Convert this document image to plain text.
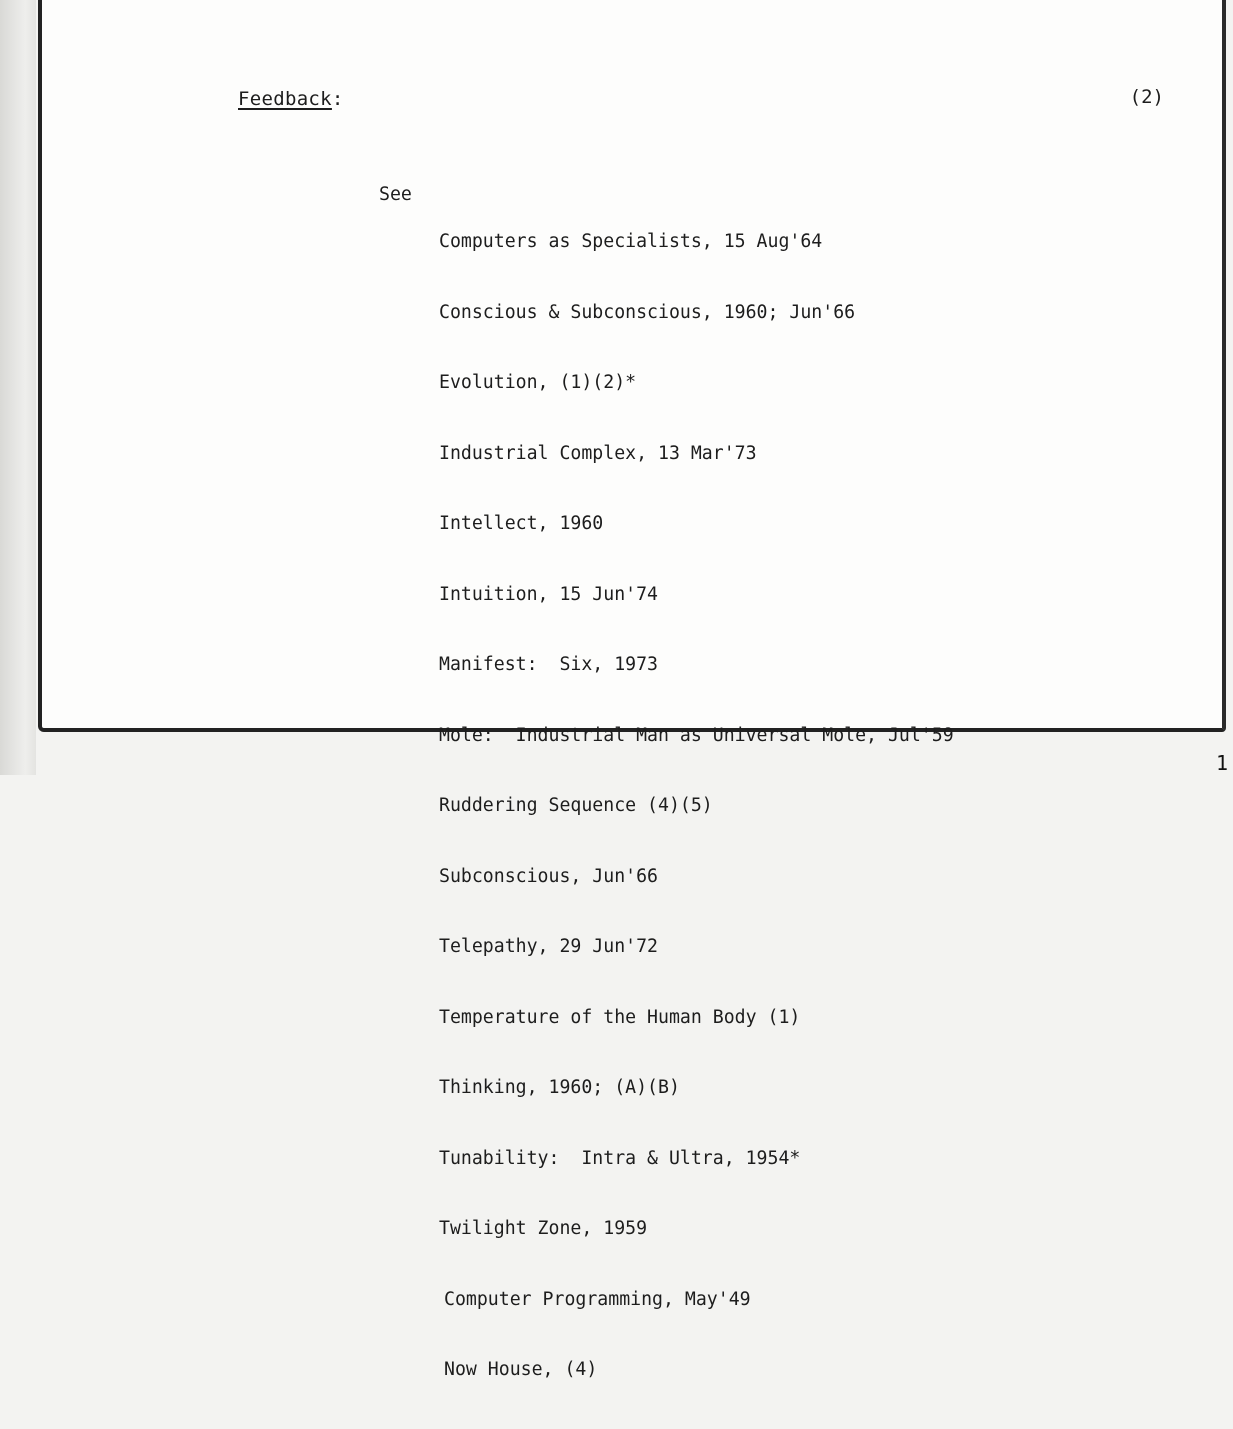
Feedback:	(2)

See

Computers as Specialists, 15 Aug'64

Conscious & Subconscious, 1960; Jun'66

Evolution, (1)(2)*

Industrial Complex, 13 Mar'73

Intellect, 1960

Intuition, 15 Jun'74

Manifest:  Six, 1973

Mole:  Industrial Man as Universal Mole, Jul'59

Ruddering Sequence (4)(5)

Subconscious, Jun'66

Telepathy, 29 Jun'72

Temperature of the Human Body (1)

Thinking, 1960; (A)(B)

Tunability:  Intra & Ultra, 1954*

Twilight Zone, 1959

Computer Programming, May'49

Now House, (4)

1
